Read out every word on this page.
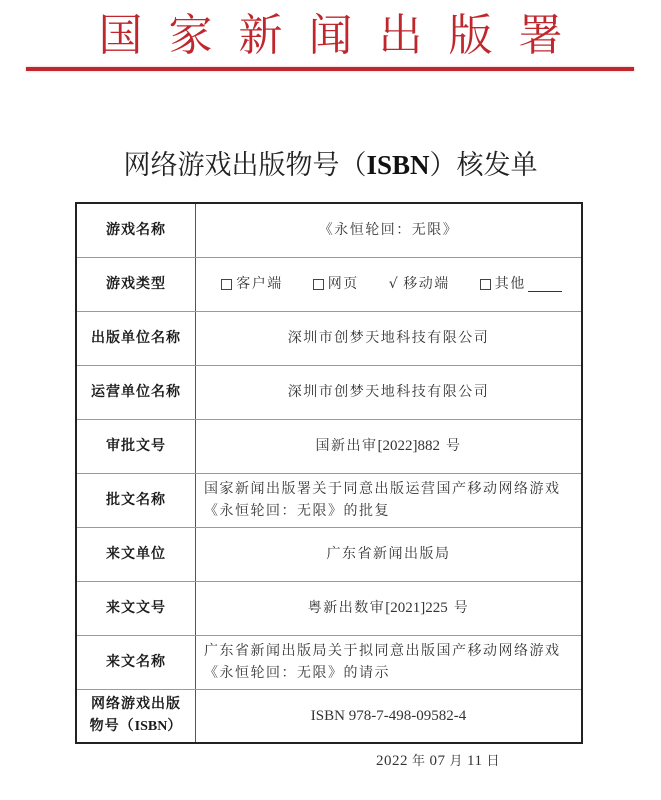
国家新闻出版署
网络游戏出版物号（ISBN）核发单
游戏名称	《永恒轮回：无限》
游戏类型	客户端 网页 √ 移动端 其他

出版单位名称	深圳市创梦天地科技有限公司
运营单位名称	深圳市创梦天地科技有限公司
审批文号	国新出审[2022]882 号
批文名称	国家新闻出版署关于同意出版运营国产移动网络游戏《永恒轮回：无限》的批复
来文单位	广东省新闻出版局
来文文号	粤新出数审[2021]225 号
来文名称	广东省新闻出版局关于拟同意出版国产移动网络游戏《永恒轮回：无限》的请示

网络游戏出版
物号（ISBN）	ISBN 978-7-498-09582-4
2022 年 07 月 11 日
